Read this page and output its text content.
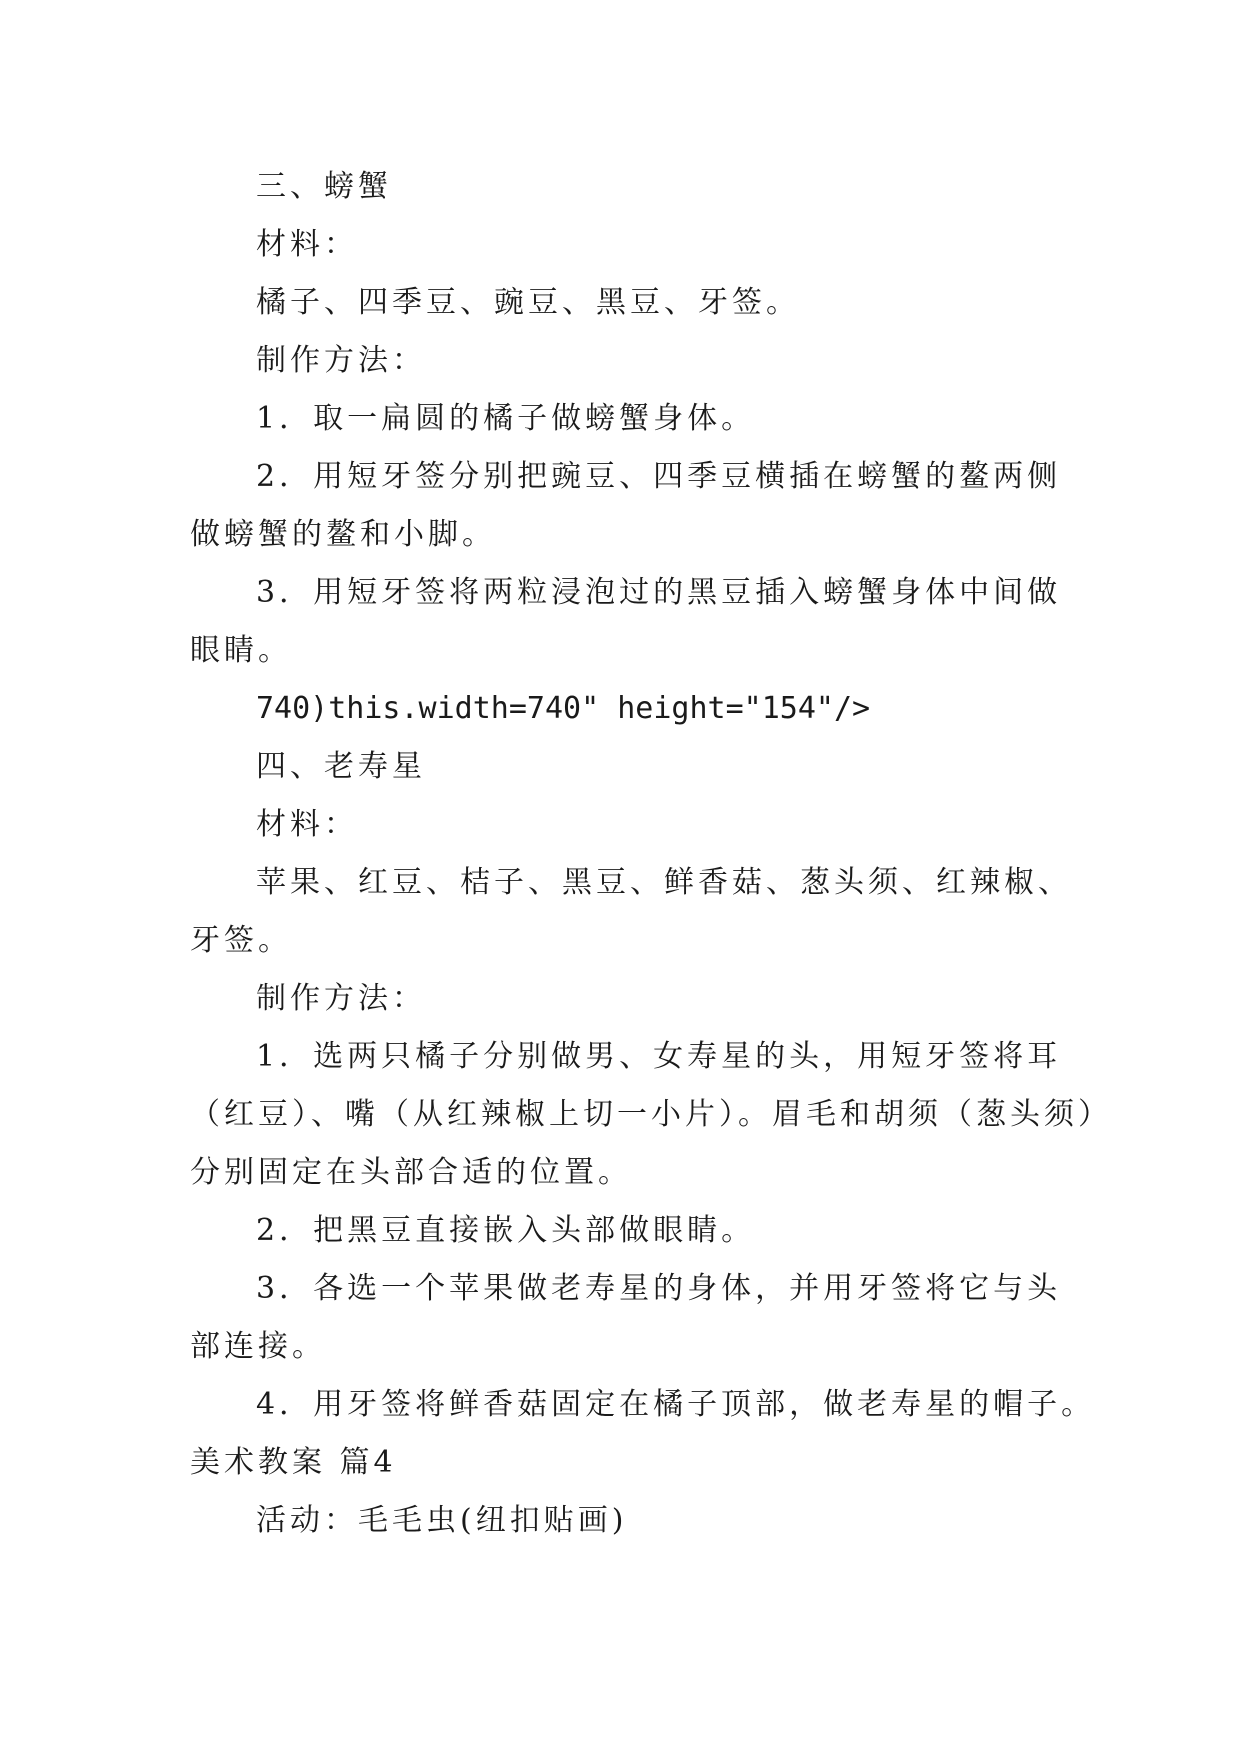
三、螃蟹
材料：
橘子、四季豆、豌豆、黑豆、牙签。
制作方法：
1．取一扁圆的橘子做螃蟹身体。
2．用短牙签分别把豌豆、四季豆横插在螃蟹的鳌两侧
做螃蟹的鳌和小脚。
3．用短牙签将两粒浸泡过的黑豆插入螃蟹身体中间做
眼睛。
740)this.width=740" height="154"/>
四、老寿星
材料：
苹果、红豆、桔子、黑豆、鲜香菇、葱头须、红辣椒、
牙签。
制作方法：
1．选两只橘子分别做男、女寿星的头，用短牙签将耳
（红豆）、嘴（从红辣椒上切一小片）。眉毛和胡须（葱头须）
分别固定在头部合适的位置。
2．把黑豆直接嵌入头部做眼睛。
3．各选一个苹果做老寿星的身体，并用牙签将它与头
部连接。
4．用牙签将鲜香菇固定在橘子顶部，做老寿星的帽子。
美术教案 篇4
活动：毛毛虫(纽扣贴画)
